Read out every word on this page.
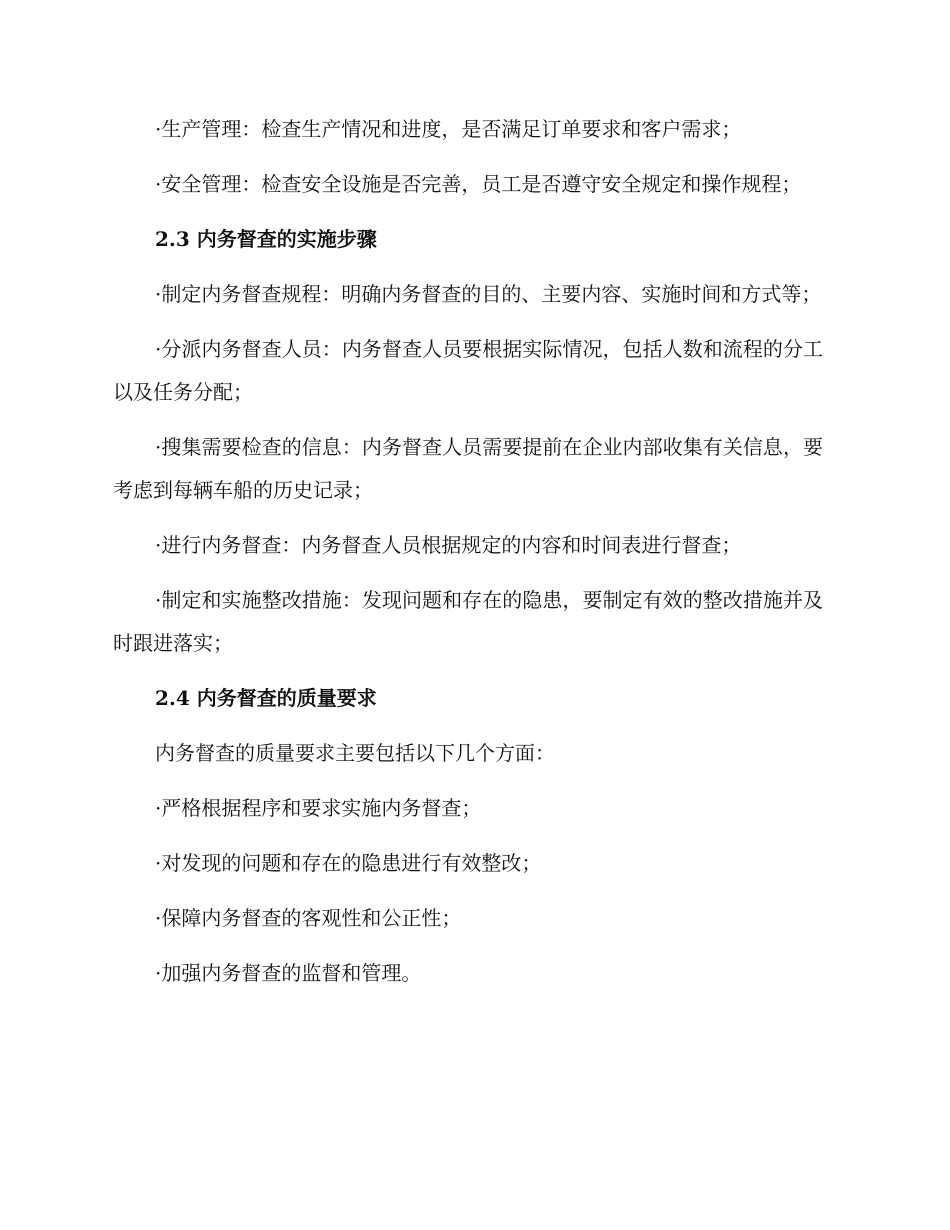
·生产管理：检查生产情况和进度，是否满足订单要求和客户需求；

·安全管理：检查安全设施是否完善，员工是否遵守安全规定和操作规程；

2.3 内务督查的实施步骤

·制定内务督查规程：明确内务督查的目的、主要内容、实施时间和方式等；

·分派内务督查人员：内务督查人员要根据实际情况，包括人数和流程的分工以及任务分配；

·搜集需要检查的信息：内务督查人员需要提前在企业内部收集有关信息，要考虑到每辆车船的历史记录；

·进行内务督查：内务督查人员根据规定的内容和时间表进行督查；

·制定和实施整改措施：发现问题和存在的隐患，要制定有效的整改措施并及时跟进落实；

2.4 内务督查的质量要求

内务督查的质量要求主要包括以下几个方面：

·严格根据程序和要求实施内务督查；

·对发现的问题和存在的隐患进行有效整改；

·保障内务督查的客观性和公正性；

·加强内务督查的监督和管理。
